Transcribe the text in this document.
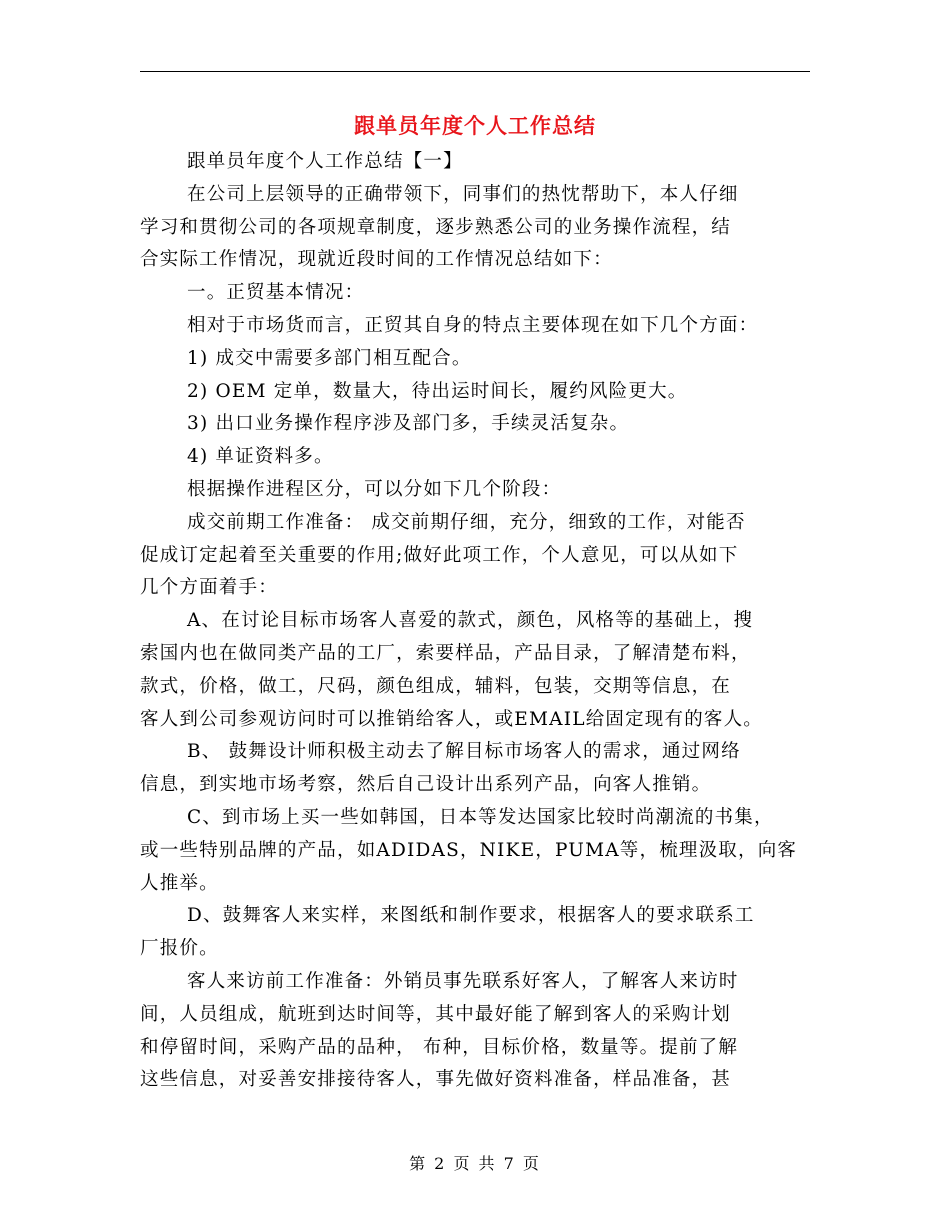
跟单员年度个人工作总结
跟单员年度个人工作总结【一】
在公司上层领导的正确带领下，同事们的热忱帮助下，本人仔细
学习和贯彻公司的各项规章制度，逐步熟悉公司的业务操作流程，结
合实际工作情况，现就近段时间的工作情况总结如下：
一。正贸基本情况：
相对于市场货而言，正贸其自身的特点主要体现在如下几个方面：
1) 成交中需要多部门相互配合。
2) OEM 定单，数量大，待出运时间长，履约风险更大。
3) 出口业务操作程序涉及部门多，手续灵活复杂。
4) 单证资料多。
根据操作进程区分，可以分如下几个阶段：
成交前期工作准备： 成交前期仔细，充分，细致的工作，对能否
促成订定起着至关重要的作用;做好此项工作，个人意见，可以从如下
几个方面着手：
A、在讨论目标市场客人喜爱的款式，颜色，风格等的基础上，搜
索国内也在做同类产品的工厂，索要样品，产品目录，了解清楚布料，
款式，价格，做工，尺码，颜色组成，辅料，包装，交期等信息，在
客人到公司参观访问时可以推销给客人，或EMAIL给固定现有的客人。
B、 鼓舞设计师积极主动去了解目标市场客人的需求，通过网络
信息，到实地市场考察，然后自己设计出系列产品，向客人推销。
C、到市场上买一些如韩国，日本等发达国家比较时尚潮流的书集，
或一些特别品牌的产品，如ADIDAS，NIKE，PUMA等，梳理汲取，向客
人推举。
D、鼓舞客人来实样，来图纸和制作要求，根据客人的要求联系工
厂报价。
客人来访前工作准备：外销员事先联系好客人，了解客人来访时
间，人员组成，航班到达时间等，其中最好能了解到客人的采购计划
和停留时间，采购产品的品种， 布种，目标价格，数量等。提前了解
这些信息，对妥善安排接待客人，事先做好资料准备，样品准备，甚
第 2 页 共 7 页
